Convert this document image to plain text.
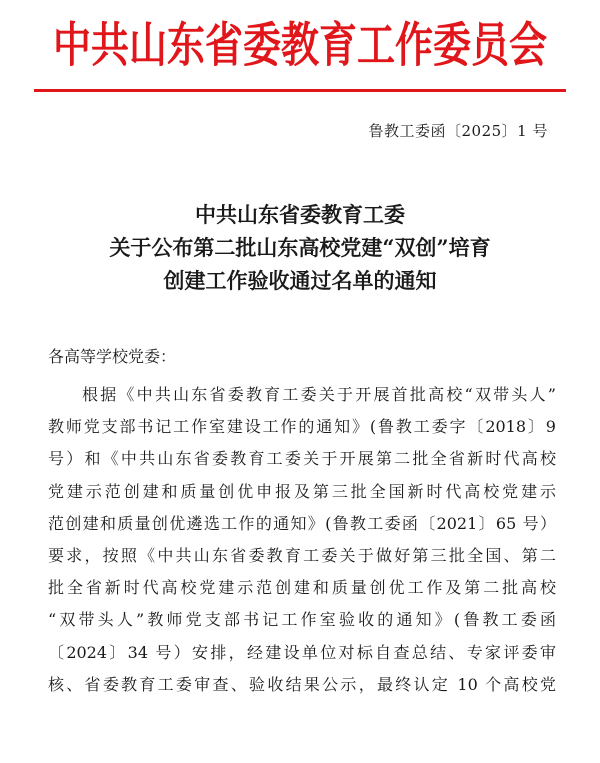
中共山东省委教育工作委员会
鲁教工委函〔2025〕1 号
中共山东省委教育工委
关于公布第二批山东高校党建“双创”培育
创建工作验收通过名单的通知
各高等学校党委：
根据《中共山东省委教育工委关于开展首批高校“双带头人”
教师党支部书记工作室建设工作的通知》(鲁教工委字〔2018〕9
号）和《中共山东省委教育工委关于开展第二批全省新时代高校
党建示范创建和质量创优申报及第三批全国新时代高校党建示
范创建和质量创优遴选工作的通知》(鲁教工委函〔2021〕65 号）
要求，按照《中共山东省委教育工委关于做好第三批全国、第二
批全省新时代高校党建示范创建和质量创优工作及第二批高校
“双带头人”教师党支部书记工作室验收的通知》(鲁教工委函
〔2024〕34 号）安排，经建设单位对标自查总结、专家评委审
核、省委教育工委审查、验收结果公示，最终认定 10 个高校党
